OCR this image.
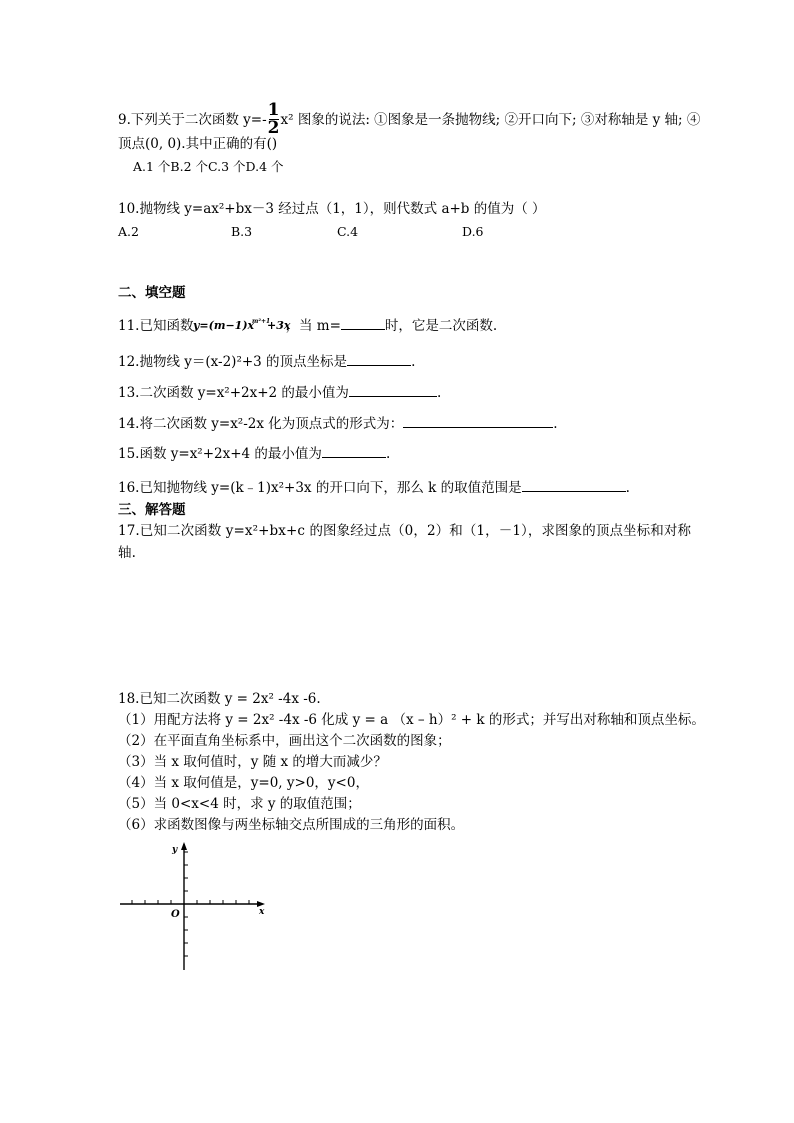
9.下列关于二次函数 $y=- \frac{1}{2} x^2$ 图象的说法: ①图象是一条抛物线; ②开口向下; ③对称轴是 y 轴; ④
顶点(0, 0).其中正确的有()
A.1 个B.2 个C.3 个D.4 个
10.抛物线 y=ax²+bx－3 经过点（1，1），则代数式 a+b 的值为（ ）
A.2	B.3	C.4	D.6
二、填空题
11.已知函数 y=(m−1)x
m²+1
+3x
，当 m=	时，它是二次函数.
12.抛物线 y＝(x-2)²+3 的顶点坐标是	.
13.二次函数 y=x²+2x+2 的最小值为	.
14.将二次函数 y=x²-2x 化为顶点式的形式为：	.
15.函数 y=x²+2x+4 的最小值为	.
16.已知抛物线 y=(k﹣1)x²+3x 的开口向下，那么 k 的取值范围是	.
三、解答题
17.已知二次函数 y=x²+bx+c 的图象经过点（0，2）和（1，－1），求图象的顶点坐标和对称轴.
18.已知二次函数 y = 2x² -4x -6.
（1）用配方法将 y = 2x² -4x -6 化成 y = a （x – h）² + k 的形式；并写出对称轴和顶点坐标。
（2）在平面直角坐标系中，画出这个二次函数的图象；
（3）当 x 取何值时，y 随 x 的增大而减少？
（4）当 x 取何值是，y=0, y>0，y<0，
（5）当 0<x<4 时，求 y 的取值范围；
（6）求函数图像与两坐标轴交点所围成的三角形的面积。
y
x
O
